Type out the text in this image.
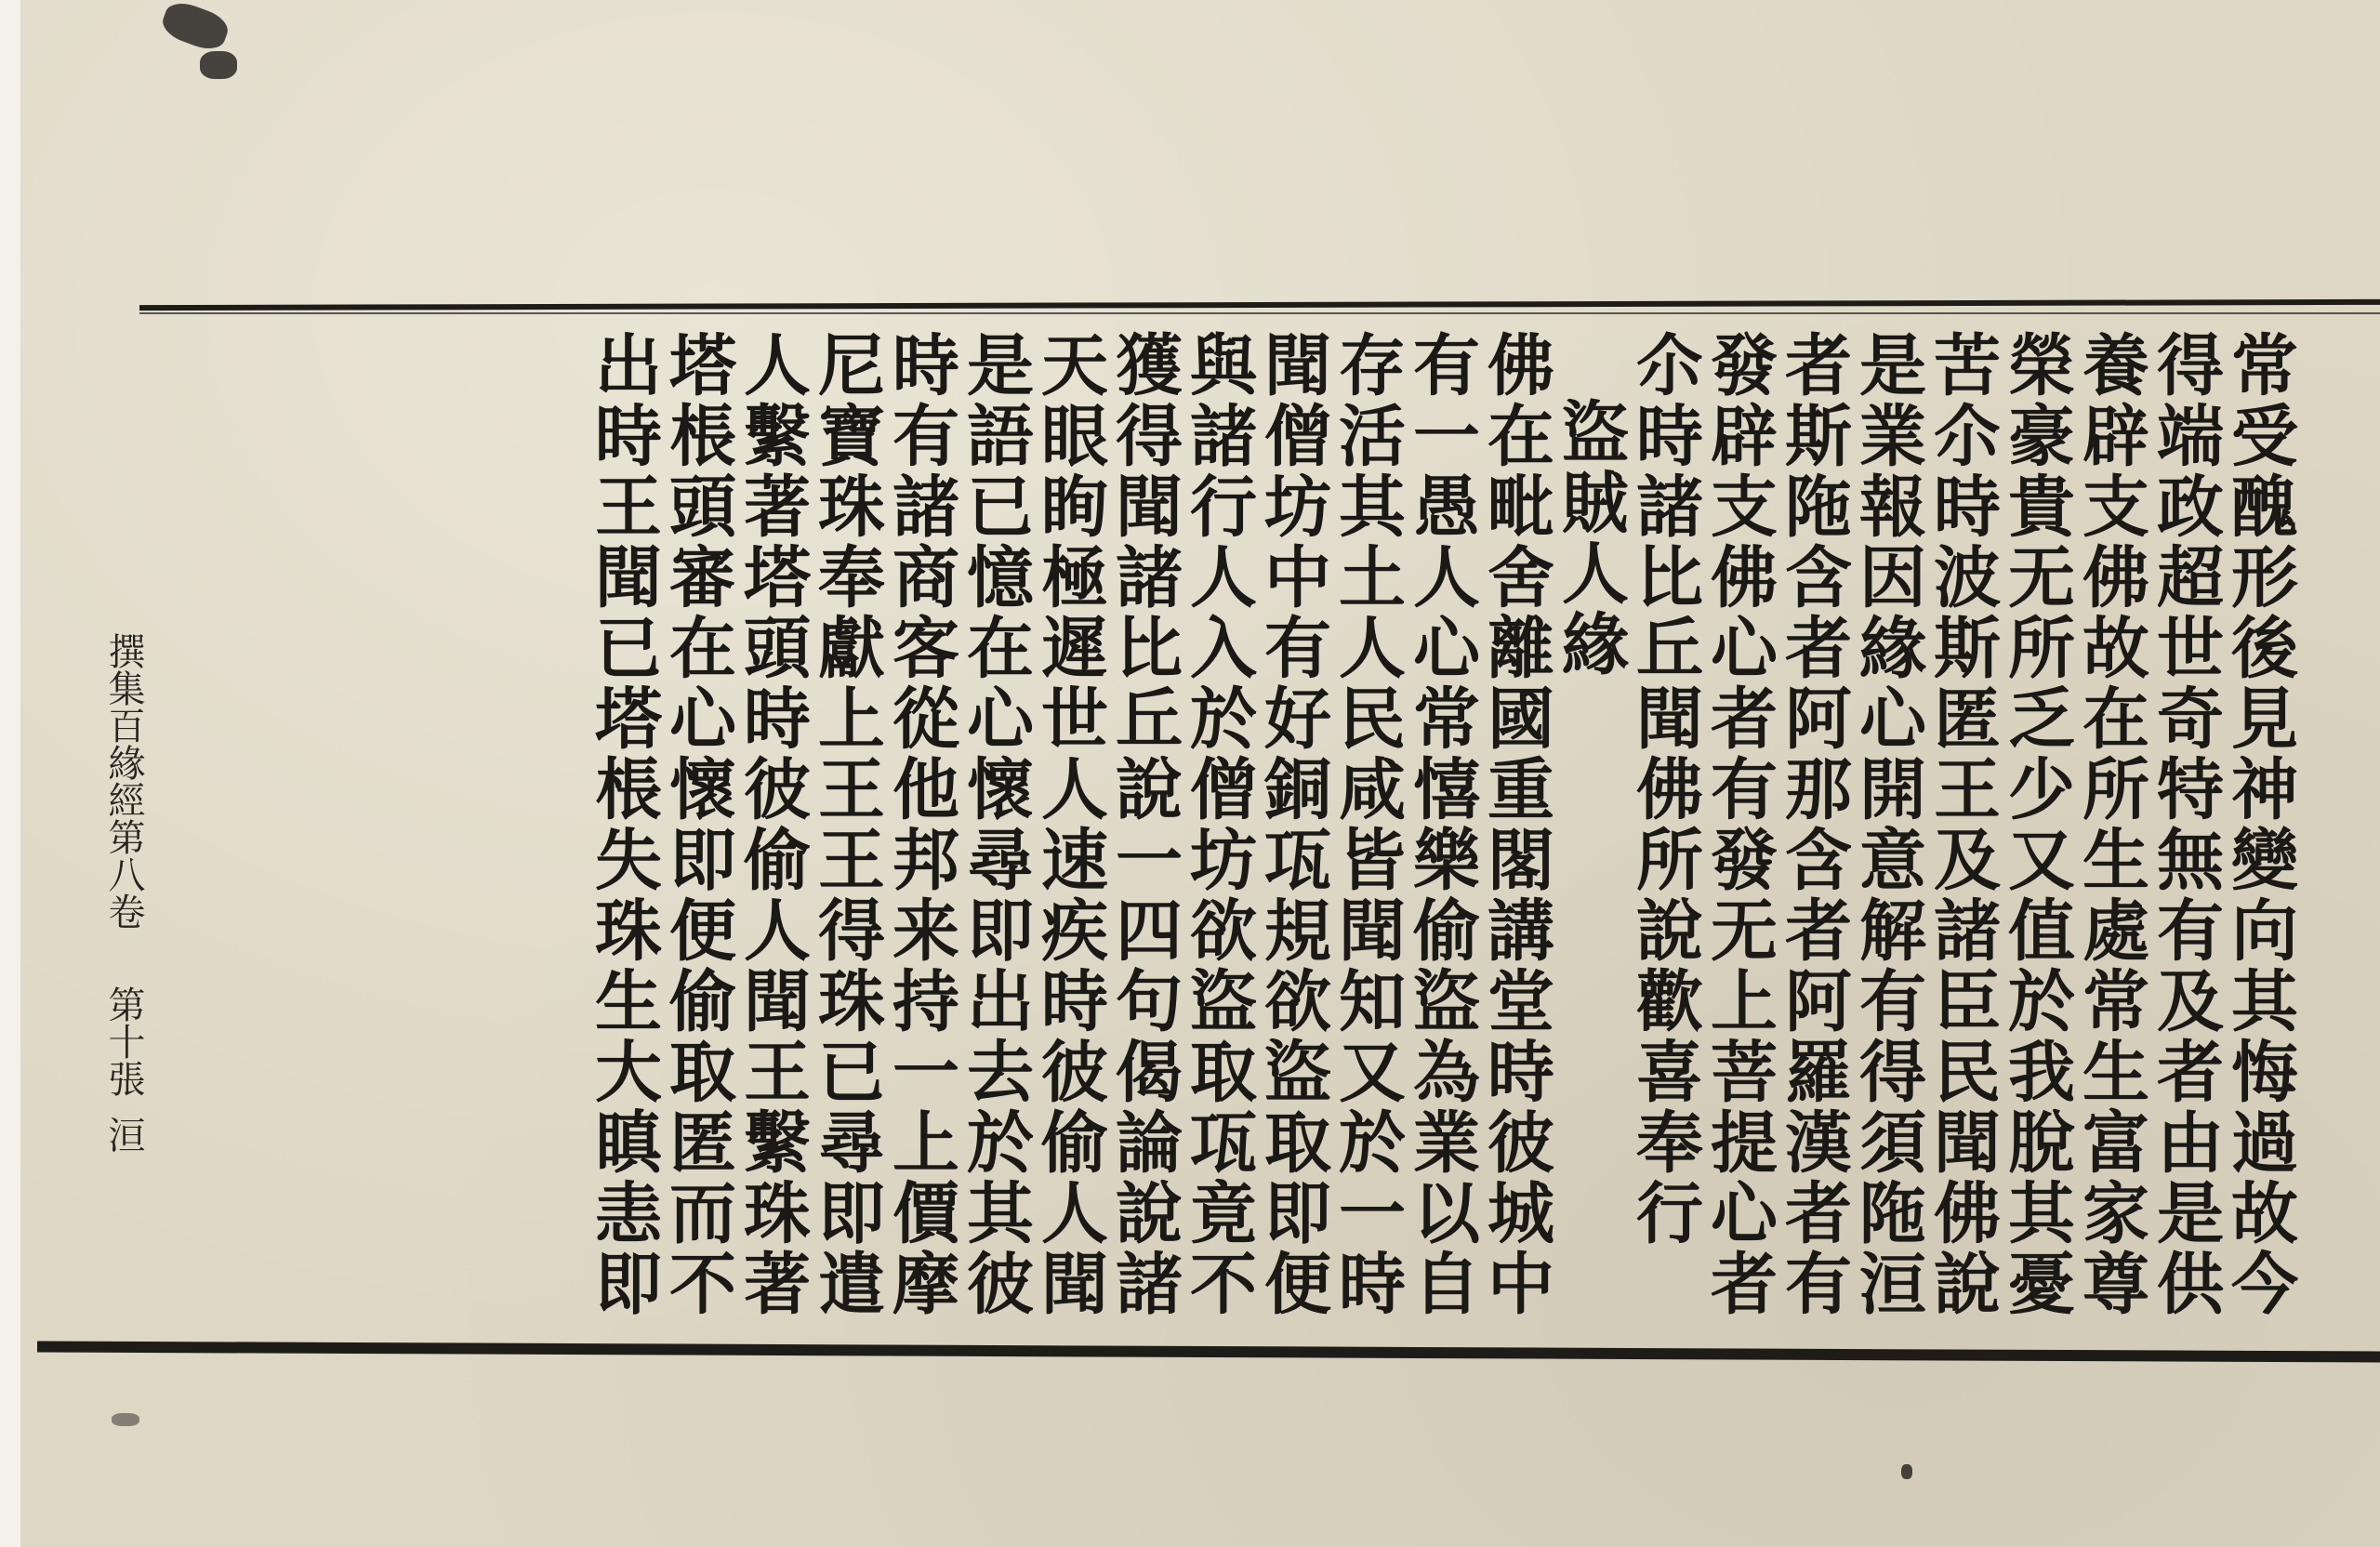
常受醜形後見神變向其悔過故今
得端政超世奇特無有及者由是供
養辟支佛故在所生處常生富家尊
榮豪貴无所乏少又值於我脫其憂
苦尒時波斯匿王及諸臣民聞佛說
是業報因緣心開意解有得須陁洹
者斯陁含者阿那含者阿羅漢者有
發辟支佛心者有發无上菩提心者
尒時諸比丘聞佛所說歡喜奉行
盜賊人緣
佛在毗舍離國重閣講堂時彼城中
有一愚人心常憘樂偷盜為業以自
存活其土人民咸皆聞知又於一時
聞僧坊中有好銅瓨規欲盜取即便
與諸行人入於僧坊欲盜取瓨竟不
獲得聞諸比丘說一四句偈論說諸
天眼眴極遲世人速疾時彼偷人聞
是語已憶在心懷尋即出去於其彼
時有諸商客從他邦来持一上價摩
尼寶珠奉獻上王王得珠已尋即遣
人繫著塔頭時彼偷人聞王繫珠著
塔棖頭審在心懷即便偷取匿而不
出時王聞已塔棖失珠生大瞋恚即
撰集百緣經第八卷第十張洹
